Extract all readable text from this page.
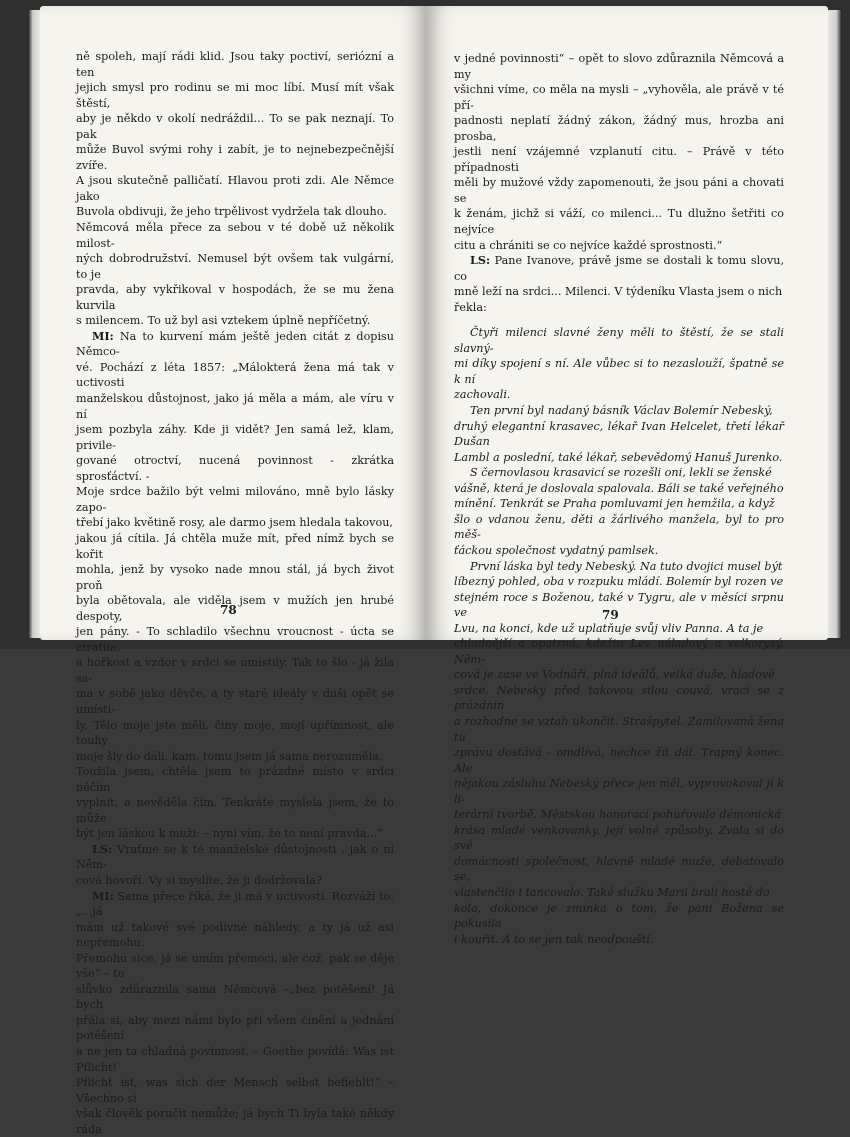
ně spoleh, mají rádi klid. Jsou taky poctiví, seriózní a ten
jejich smysl pro rodinu se mi moc líbí. Musí mít však štěstí,
aby je někdo v okolí nedráždil... To se pak neznají. To pak
může Buvol svými rohy i zabít, je to nejnebezpečnější zvíře.
A jsou skutečně palličatí. Hlavou proti zdi. Ale Němce jako
Buvola obdivuji, že jeho trpělivost vydržela tak dlouho.
Němcová měla přece za sebou v té době už několik milost-
ných dobrodružství. Nemusel být ovšem tak vulgární, to je
pravda, aby vykřikoval v hospodách, že se mu žena kurvila
s milencem. To už byl asi vztekem úplně nepříčetný.

MI: Na to kurvení mám ještě jeden citát z dopisu Němco-
vé. Pochází z léta 1857: „Málokterá žena má tak v uctivosti
manželskou důstojnost, jako já měla a mám, ale víru v ní
jsem pozbyla záhy. Kde ji vidět? Jen samá lež, klam, privile-
gované otroctví, nucená povinnost - zkrátka sprosťáctví. -
Moje srdce bažilo být velmi milováno, mně bylo lásky zapo-
třebí jako květině rosy, ale darmo jsem hledala takovou,
jakou já cítila. Já chtěla muže mít, před nímž bych se kořit
mohla, jenž by vysoko nade mnou stál, já bych život proň
byla obětovala, ale viděla jsem v mužích jen hrubé despoty,
jen pány. - To schladilo všechnu vroucnost - úcta se ztratila,
a hořkost a vzdor v srdci se umístily. Tak to šlo - já žila sa-
ma v sobě jako děvče, a ty staré ideály v duši opět se umísti-
ly. Tělo moje jste měli, činy moje, mojí upřímnost, ale touhy
moje šly do dáli, kam, tomu jsem já sama nerozuměla.
Toužila jsem, chtěla jsem to prázdné místo v srdci něčím
vyplnit, a nevěděla čím. Tenkráte myslela jsem, že to může
být jen láskou k muži: – nyní vím, že to není pravda...“

LS: Vraťme se k té manželské důstojnosti , jak o ní Něm-
cová hovoří. Vy si myslíte, že ji dodržovala?

MI: Sama přece říká, že ji má v uctivosti. Rozváží to: „...já
mám už takové své podivné náhledy, a ty já už asi nepřemohu.
Přemohu sice, já se umím přemoci, ale což, pak se děje vše“ – to
slůvko zdůraznila sama Němcová –„bez potěšení! Já bych
přála si, aby mezi námi bylo při všem činění a jednání potěšení
a ne jen ta chladná povinnost. – Goethe povídá: Was ist Pflicht!
Pflicht ist, was sich der Mensch selbst befiehlt!“ – Všechno si
však člověk poručit nemůže; já bych Ti byla také někdy ráda

78

v jedné povinnosti“ – opět to slovo zdůraznila Němcová a my
všichni víme, co měla na mysli – „vyhověla, ale právě v té pří-
padnosti neplatí žádný zákon, žádný mus, hrozba ani prosba,
jestli není vzájemné vzplanutí citu. – Právě v této případnosti
měli by mužové vždy zapomenouti, že jsou páni a chovati se
k ženám, jichž si váží, co milenci... Tu dlužno šetřiti co nejvíce
citu a chrániti se co nejvíce každé sprostnosti.“

LS: Pane Ivanove, právě jsme se dostali k tomu slovu, co
mně leží na srdci... Milenci. V týdeníku Vlasta jsem o nich
řekla:

Čtyři milenci slavné ženy měli to štěstí, že se stali slavný-
mi díky spojení s ní. Ale vůbec si to nezaslouží, špatně se k ní
zachovali.

Ten první byl nadaný básník Václav Bolemír Nebeský,
druhý elegantní krasavec, lékař Ivan Helcelet, třetí lékař Dušan
Lambl a poslední, také lékař, sebevědomý Hanuš Jurenko.

S černovlasou krasavicí se rozešli oni, lekli se ženské
vášně, která je doslovala spalovala. Báli se také veřejného
mínění. Tenkrát se Praha pomluvami jen hemžila, a když
šlo o vdanou ženu, děti a žárlivého manžela, byl to pro měš-
ťáckou společnost vydatný pamlsek.

První láska byl tedy Nebeský. Na tuto dvojici musel být
líbezný pohled, oba v rozpuku mládí. Bolemír byl rozen ve
stejném roce s Boženou, také v Tygru, ale v měsíci srpnu ve
Lvu, na konci, kde už uplatňuje svůj vliv Panna. A ta je
chladnější a opatrná, kdežto Lev náladový a velkorysý. Něm-
cová je zase ve Vodnáři, plná ideálů, velká duše, hladové
srdce. Nebeský před takovou silou couvá, vrací se z prázdnin
a rozhodne se vztah ukončit. Strašpytel. Zamilovaná žena tu
zprávu dostává - omdlívá, nechce žít dál. Trapný konec. Ale
nějakou zásluhu Nebeský přece jen měl, vyprovokoval ji k li-
terární tvorbě. Městskou honoraci pohuřovala démonická
krása mladé venkovanky, její volné způsoby. Zvala si do své
domácnosti společnost, hlavně mladé muže, debatovalo se,
vlastenčilo i tancovalo. Také služku Marii brali hosté do
kola, dokonce je zmínka o tom, že paní Božena se pokusila
i kouřit. A to se jen tak neodpouští.

79
